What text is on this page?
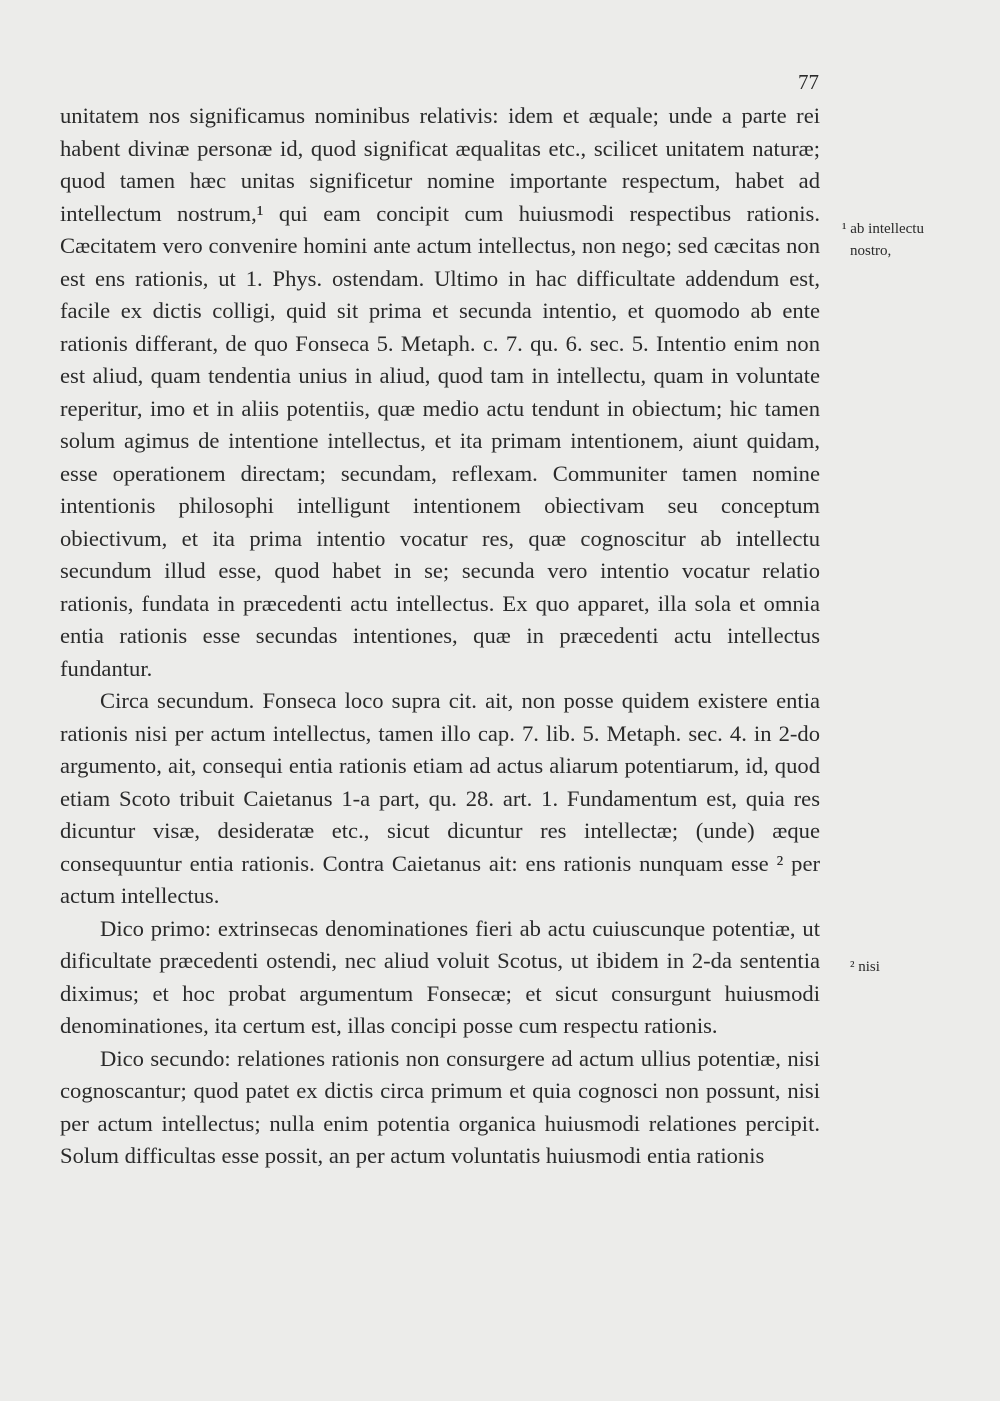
77

unitatem nos significamus nominibus relativis: idem et æquale; unde a parte rei habent divinæ personæ id, quod significat æqualitas etc., scilicet unitatem naturæ; quod tamen hæc unitas significetur nomine importante respectum, habet ad intellectum nostrum,¹ qui eam concipit cum huiusmodi respectibus rationis. Cæcitatem vero convenire homini ante actum intellectus, non nego; sed cæcitas non est ens rationis, ut 1. Phys. ostendam. Ultimo in hac difficultate addendum est, facile ex dictis colligi, quid sit prima et secunda intentio, et quomodo ab ente rationis differant, de quo Fonseca 5. Metaph. c. 7. qu. 6. sec. 5. Intentio enim non est aliud, quam tendentia unius in aliud, quod tam in intellectu, quam in voluntate reperitur, imo et in aliis potentiis, quæ medio actu tendunt in obiectum; hic tamen solum agimus de intentione intellectus, et ita primam intentionem, aiunt quidam, esse operationem directam; secundam, reflexam. Communiter tamen nomine intentionis philosophi intelligunt intentionem obiectivam seu conceptum obiectivum, et ita prima intentio vocatur res, quæ cognoscitur ab intellectu secundum illud esse, quod habet in se; secunda vero intentio vocatur relatio rationis, fundata in præcedenti actu intellectus. Ex quo apparet, illa sola et omnia entia rationis esse secundas intentiones, quæ in præcedenti actu intellectus fundantur.

Circa secundum. Fonseca loco supra cit. ait, non posse quidem existere entia rationis nisi per actum intellectus, tamen illo cap. 7. lib. 5. Metaph. sec. 4. in 2-do argumento, ait, consequi entia rationis etiam ad actus aliarum potentiarum, id, quod etiam Scoto tribuit Caietanus 1-a part, qu. 28. art. 1. Fundamentum est, quia res dicuntur visæ, desideratæ etc., sicut dicuntur res intellectæ; (unde) æque consequuntur entia rationis. Contra Caietanus ait: ens rationis nunquam esse ² per actum intellectus.

Dico primo: extrinsecas denominationes fieri ab actu cuiuscunque potentiæ, ut dificultate præcedenti ostendi, nec aliud voluit Scotus, ut ibidem in 2-da sententia diximus; et hoc probat argumentum Fonsecæ; et sicut consurgunt huiusmodi denominationes, ita certum est, illas concipi posse cum respectu rationis.

Dico secundo: relationes rationis non consurgere ad actum ullius potentiæ, nisi cognoscantur; quod patet ex dictis circa primum et quia cognosci non possunt, nisi per actum intellectus; nulla enim potentia organica huiusmodi relationes percipit. Solum difficultas esse possit, an per actum voluntatis huiusmodi entia rationis

¹ ab intellectu
nostro,
² nisi
